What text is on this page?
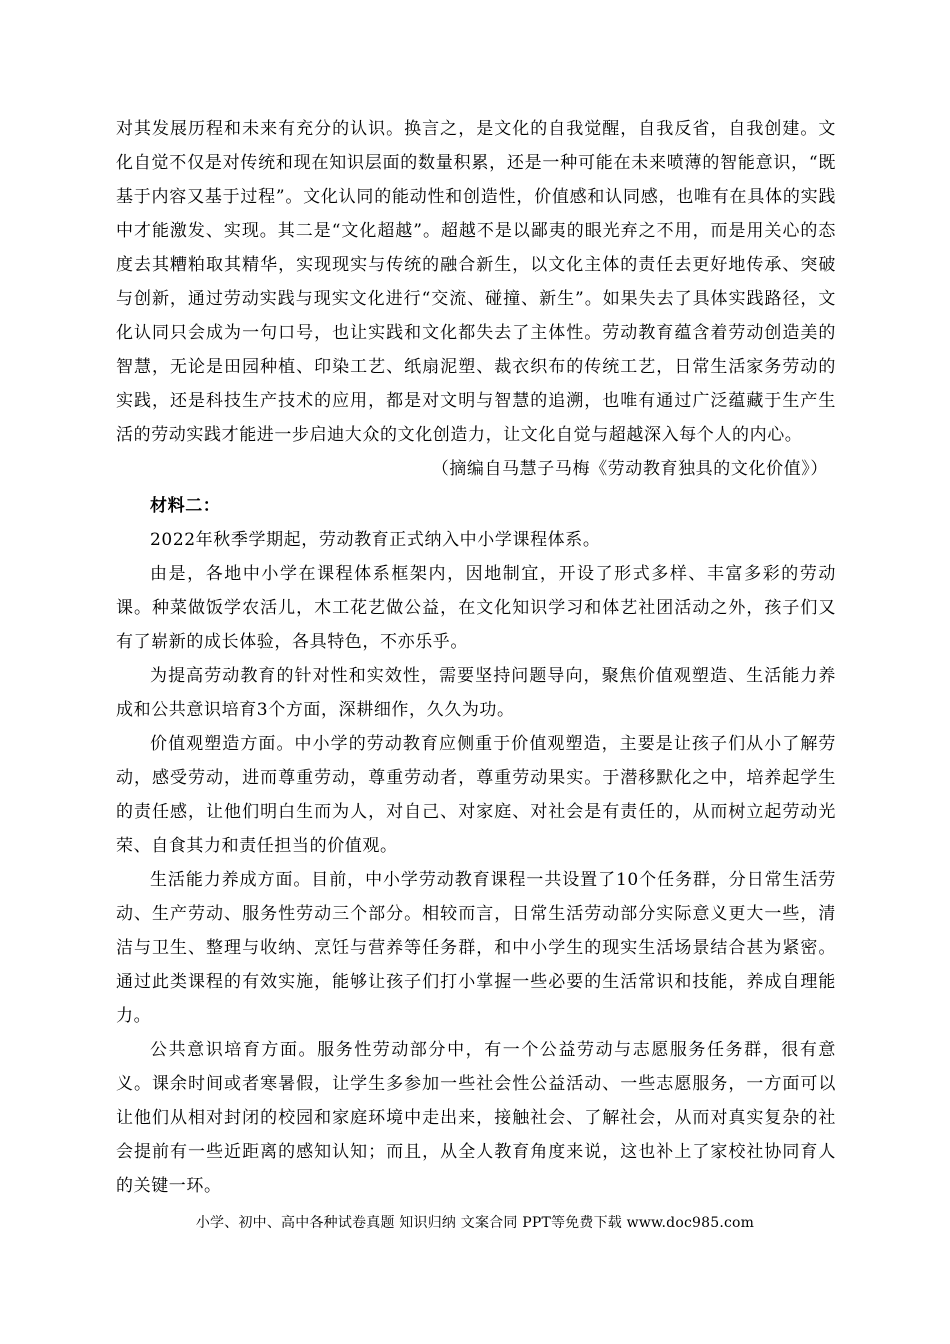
对其发展历程和未来有充分的认识。换言之，是文化的自我觉醒，自我反省，自我创建。文化自觉不仅是对传统和现在知识层面的数量积累，还是一种可能在未来喷薄的智能意识，“既基于内容又基于过程”。文化认同的能动性和创造性，价值感和认同感，也唯有在具体的实践中才能激发、实现。其二是“文化超越”。超越不是以鄙夷的眼光弃之不用，而是用关心的态度去其糟粕取其精华，实现现实与传统的融合新生，以文化主体的责任去更好地传承、突破与创新，通过劳动实践与现实文化进行“交流、碰撞、新生”。如果失去了具体实践路径，文化认同只会成为一句口号，也让实践和文化都失去了主体性。劳动教育蕴含着劳动创造美的智慧，无论是田园种植、印染工艺、纸扇泥塑、裁衣织布的传统工艺，日常生活家务劳动的实践，还是科技生产技术的应用，都是对文明与智慧的追溯，也唯有通过广泛蕴藏于生产生活的劳动实践才能进一步启迪大众的文化创造力，让文化自觉与超越深入每个人的内心。

（摘编自马慧子马梅《劳动教育独具的文化价值》）

材料二：

2022年秋季学期起，劳动教育正式纳入中小学课程体系。

由是，各地中小学在课程体系框架内，因地制宜，开设了形式多样、丰富多彩的劳动课。种菜做饭学农活儿，木工花艺做公益，在文化知识学习和体艺社团活动之外，孩子们又有了崭新的成长体验，各具特色，不亦乐乎。

为提高劳动教育的针对性和实效性，需要坚持问题导向，聚焦价值观塑造、生活能力养成和公共意识培育3个方面，深耕细作，久久为功。

价值观塑造方面。中小学的劳动教育应侧重于价值观塑造，主要是让孩子们从小了解劳动，感受劳动，进而尊重劳动，尊重劳动者，尊重劳动果实。于潜移默化之中，培养起学生的责任感，让他们明白生而为人，对自己、对家庭、对社会是有责任的，从而树立起劳动光荣、自食其力和责任担当的价值观。

生活能力养成方面。目前，中小学劳动教育课程一共设置了10个任务群，分日常生活劳动、生产劳动、服务性劳动三个部分。相较而言，日常生活劳动部分实际意义更大一些，清洁与卫生、整理与收纳、烹饪与营养等任务群，和中小学生的现实生活场景结合甚为紧密。通过此类课程的有效实施，能够让孩子们打小掌握一些必要的生活常识和技能，养成自理能力。

公共意识培育方面。服务性劳动部分中，有一个公益劳动与志愿服务任务群，很有意义。课余时间或者寒暑假，让学生多参加一些社会性公益活动、一些志愿服务，一方面可以让他们从相对封闭的校园和家庭环境中走出来，接触社会、了解社会，从而对真实复杂的社会提前有一些近距离的感知认知；而且，从全人教育角度来说，这也补上了家校社协同育人的关键一环。

小学、初中、高中各种试卷真题 知识归纳 文案合同 PPT等免费下载 www.doc985.com
